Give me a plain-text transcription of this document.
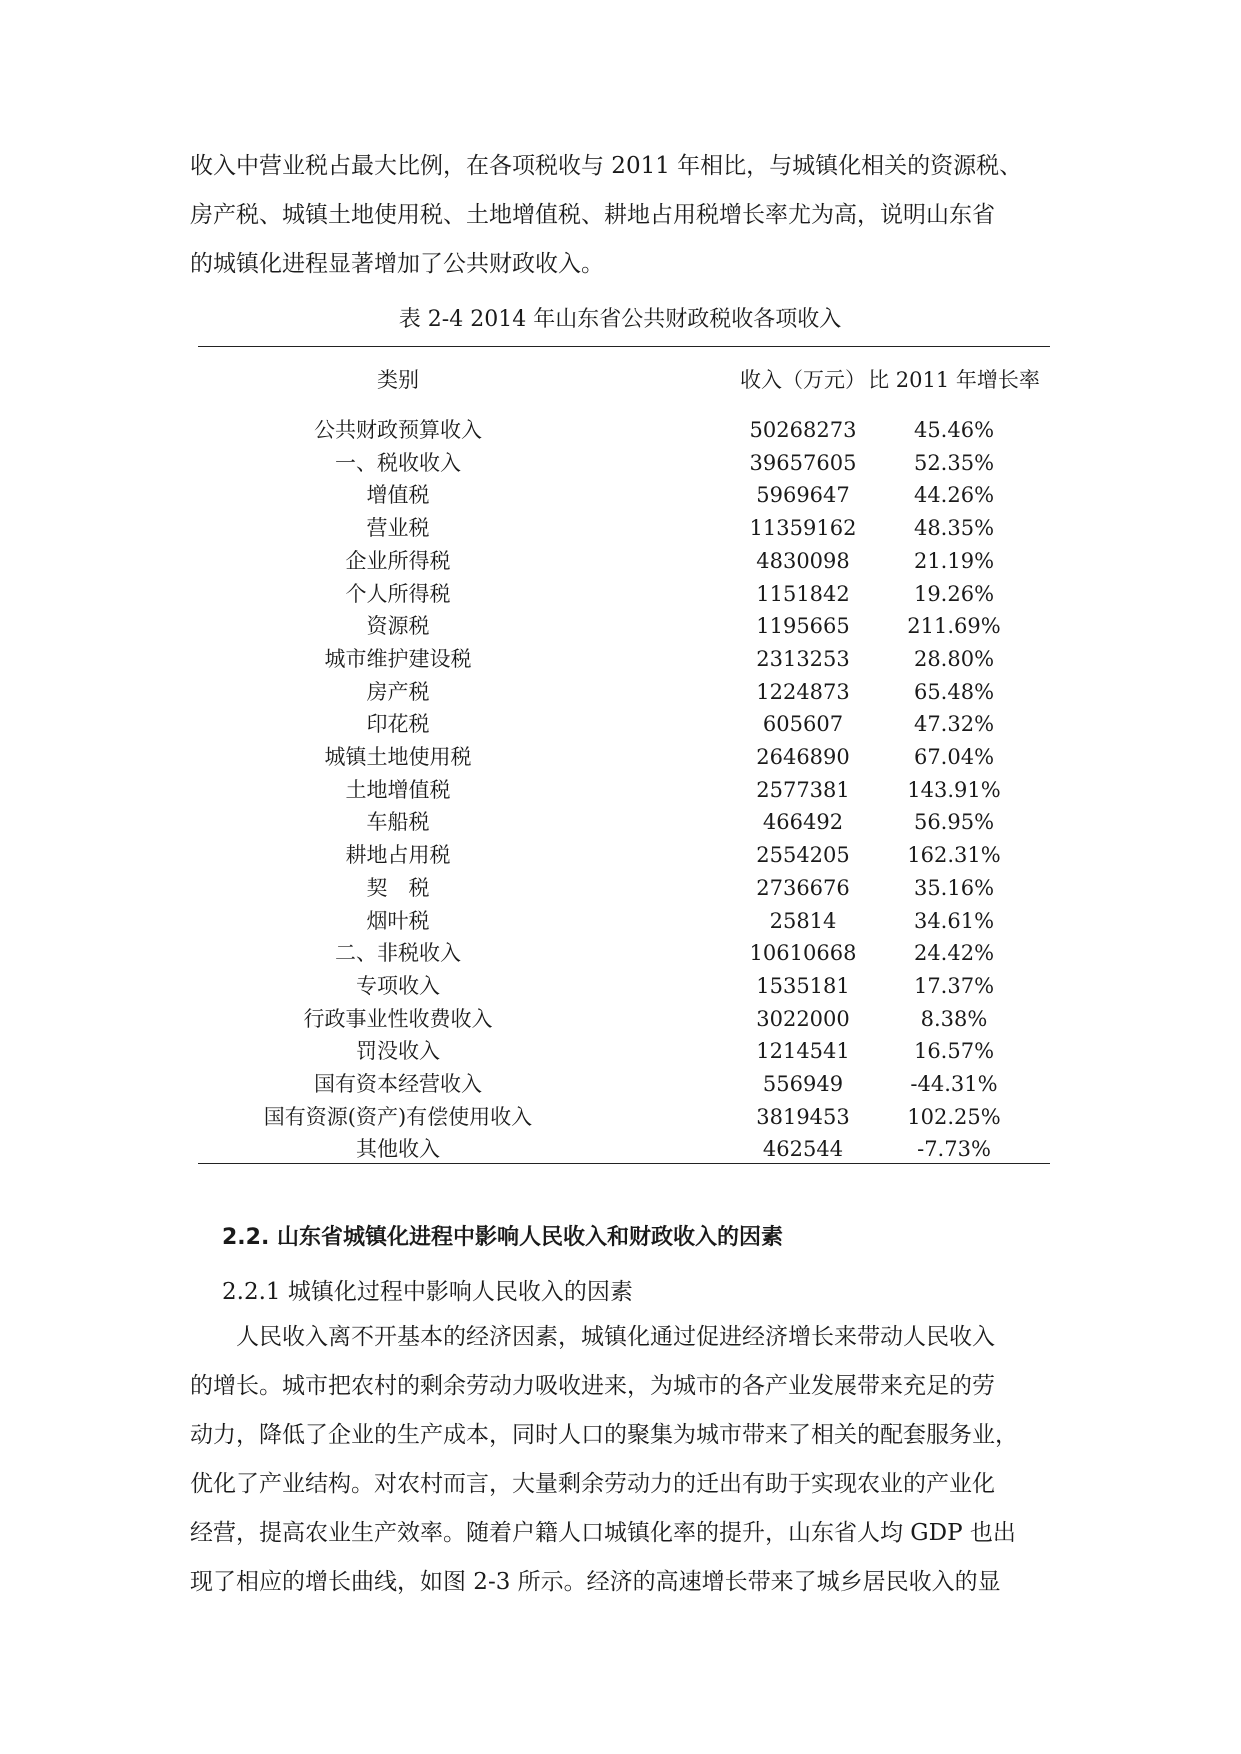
收入中营业税占最大比例，在各项税收与 2011 年相比，与城镇化相关的资源税、
房产税、城镇土地使用税、土地增值税、耕地占用税增长率尤为高，说明山东省
的城镇化进程显著增加了公共财政收入。

表 2-4 2014 年山东省公共财政税收各项收入

类别	收入（万元） 比 2011 年增长率
公共财政预算收入	50268273	45.46%
一、税收收入	39657605	52.35%
增值税	5969647	44.26%
营业税	11359162	48.35%
企业所得税	4830098	21.19%
个人所得税	1151842	19.26%
资源税	1195665	211.69%
城市维护建设税	2313253	28.80%
房产税	1224873	65.48%
印花税	605607	47.32%
城镇土地使用税	2646890	67.04%
土地增值税	2577381	143.91%
车船税	466492	56.95%
耕地占用税	2554205	162.31%
契　税	2736676	35.16%
烟叶税	25814	34.61%
二、非税收入	10610668	24.42%
专项收入	1535181	17.37%
行政事业性收费收入	3022000	8.38%
罚没收入	1214541	16.57%
国有资本经营收入	556949	-44.31%
国有资源(资产)有偿使用收入	3819453	102.25%
其他收入	462544	-7.73%

2.2. 山东省城镇化进程中影响人民收入和财政收入的因素

2.2.1 城镇化过程中影响人民收入的因素

　　人民收入离不开基本的经济因素，城镇化通过促进经济增长来带动人民收入
的增长。城市把农村的剩余劳动力吸收进来，为城市的各产业发展带来充足的劳
动力，降低了企业的生产成本，同时人口的聚集为城市带来了相关的配套服务业，
优化了产业结构。对农村而言，大量剩余劳动力的迁出有助于实现农业的产业化
经营，提高农业生产效率。随着户籍人口城镇化率的提升，山东省人均 GDP 也出
现了相应的增长曲线，如图 2-3 所示。经济的高速增长带来了城乡居民收入的显
